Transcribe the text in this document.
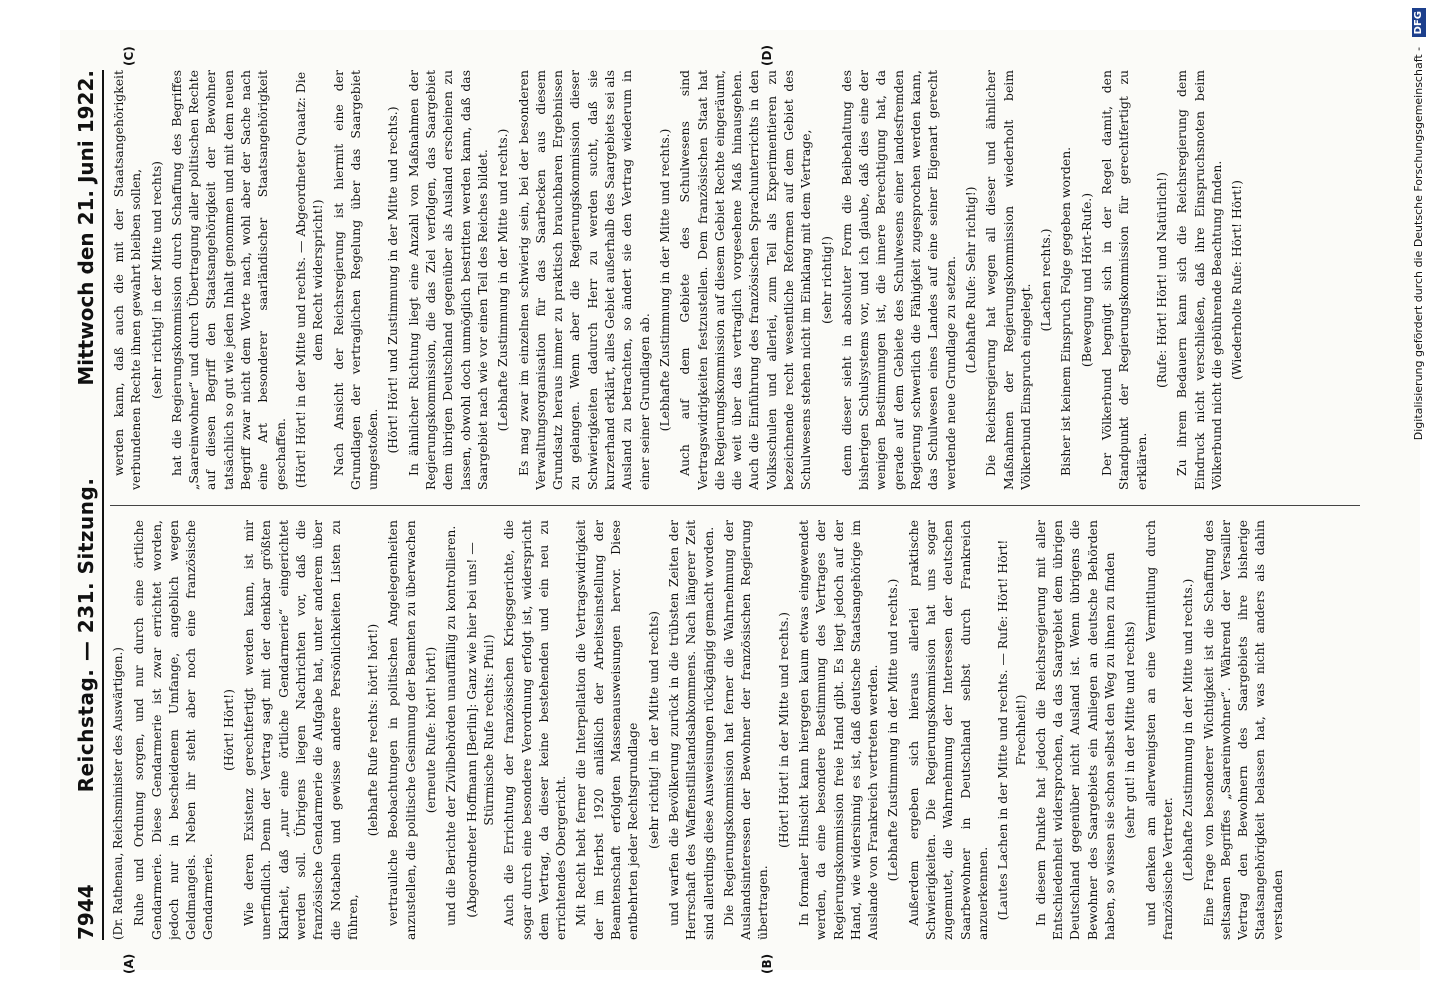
7944
Reichstag. — 231. Sitzung.
Mittwoch den 21. Juni 1922.
(A)	(B)
(C)	(D)

(Dr. Rathenau, Reichsminister des Auswärtigen.) Ruhe und Ordnung sorgen, und nur durch eine örtliche Gendarmerie. Diese Gendarmerie ist zwar errichtet worden, jedoch nur in bescheidenem Umfange, angeblich wegen Geldmangels. Neben ihr steht aber noch eine französische Gendarmerie.

(Hört! Hört!) Wie deren Existenz gerechtfertigt werden kann, ist mir unerfindlich. Denn der Vertrag sagt mit der denkbar größten Klarheit, daß „nur eine örtliche Gendarmerie“ eingerichtet werden soll. Übrigens liegen Nachrichten vor, daß die französische Gendarmerie die Aufgabe hat, unter anderem über die Notabeln und gewisse andere Persönlichkeiten Listen zu führen,

(lebhafte Rufe rechts: hört! hört!) vertrauliche Beobachtungen in politischen Angelegenheiten anzustellen, die politische Gesinnung der Beamten zu überwachen (erneute Rufe: hört! hört!) und die Berichte der Zivilbehörden unauffällig zu kontrollieren. (Abgeordneter Hoffmann [Berlin]: Ganz wie hier bei uns! — Stürmische Rufe rechts: Pfui!) Auch die Errichtung der französischen Kriegsgerichte, die sogar durch eine besondere Verordnung erfolgt ist, widerspricht dem Vertrag, da dieser keine bestehenden und ein neu zu errichtendes Obergericht. Mit Recht hebt ferner die Interpellation die Vertragswidrigkeit der im Herbst 1920 anläßlich der Arbeitseinstellung der Beamtenschaft erfolgten Massenausweisungen hervor. Diese entbehrten jeder Rechtsgrundlage (sehr richtig! in der Mitte und rechts) und warfen die Bevölkerung zurück in die trübsten Zeiten der Herrschaft des Waffenstillstandsabkommens. Nach längerer Zeit sind allerdings diese Ausweisungen rückgängig gemacht worden. Die Regierungskommission hat ferner die Wahrnehmung der Auslandsinteressen der Bewohner der französischen Regierung übertragen.

(Hört! Hört! in der Mitte und rechts.) In formaler Hinsicht kann hiergegen kaum etwas eingewendet werden, da eine besondere Bestimmung des Vertrages der Regierungskommission freie Hand gibt. Es liegt jedoch auf der Hand, wie widersinnig es ist, daß deutsche Staatsangehörige im Auslande von Frankreich vertreten werden. (Lebhafte Zustimmung in der Mitte und rechts.) Außerdem ergeben sich hieraus allerlei praktische Schwierigkeiten. Die Regierungskommission hat uns sogar zugemutet, die Wahrnehmung der Interessen der deutschen Saarbewohner in Deutschland selbst durch Frankreich anzuerkennen. (Lautes Lachen in der Mitte und rechts. — Rufe: Hört! Hört! Frechheit!) In diesem Punkte hat jedoch die Reichsregierung mit aller Entschiedenheit widersprochen, da das Saargebiet dem übrigen Deutschland gegenüber nicht Ausland ist. Wenn übrigens die Bewohner des Saargebiets ein Anliegen an deutsche Behörden haben, so wissen sie schon selbst den Weg zu ihnen zu finden (sehr gut! in der Mitte und rechts) und denken am allerwenigsten an eine Vermittlung durch französische Vertreter. (Lebhafte Zustimmung in der Mitte und rechts.) Eine Frage von besonderer Wichtigkeit ist die Schaffung des seltsamen Begriffes „Saareinwohner“. Während der Versailler Vertrag den Bewohnern des Saargebiets ihre bisherige Staatsangehörigkeit belassen hat, was nicht anders als dahin verstanden

werden kann, daß auch die mit der Staatsangehörigkeit verbundenen Rechte ihnen gewahrt bleiben sollen, (sehr richtig! in der Mitte und rechts) hat die Regierungskommission durch Schaffung des Begriffes „Saareinwohner“ und durch Übertragung aller politischen Rechte auf diesen Begriff den Staatsangehörigkeit der Bewohner tatsächlich so gut wie jeden Inhalt genommen und mit dem neuen Begriff zwar nicht dem Worte nach, wohl aber der Sache nach eine Art besonderer saarländischer Staatsangehörigkeit geschaffen. (Hört! Hört! in der Mitte und rechts. — Abgeordneter Quaatz: Die dem Recht widerspricht!) Nach Ansicht der Reichsregierung ist hiermit eine der Grundlagen der vertraglichen Regelung über das Saargebiet umgestoßen. (Hört! Hört! und Zustimmung in der Mitte und rechts.) In ähnlicher Richtung liegt eine Anzahl von Maßnahmen der Regierungskommission, die das Ziel verfolgen, das Saargebiet dem übrigen Deutschland gegenüber als Ausland erscheinen zu lassen, obwohl doch unmöglich bestritten werden kann, daß das Saargebiet nach wie vor einen Teil des Reiches bildet. (Lebhafte Zustimmung in der Mitte und rechts.) Es mag zwar im einzelnen schwierig sein, bei der besonderen Verwaltungsorganisation für das Saarbecken aus diesem Grundsatz heraus immer zu praktisch brauchbaren Ergebnissen zu gelangen. Wenn aber die Regierungskommission dieser Schwierigkeiten dadurch Herr zu werden sucht, daß sie kurzerhand erklärt, alles Gebiet außerhalb des Saargebiets sei als Ausland zu betrachten, so ändert sie den Vertrag wiederum in einer seiner Grundlagen ab. (Lebhafte Zustimmung in der Mitte und rechts.) Auch auf dem Gebiete des Schulwesens sind Vertragswidrigkeiten festzustellen. Dem französischen Staat hat die Regierungskommission auf diesem Gebiet Rechte eingeräumt, die weit über das vertraglich vorgesehene Maß hinausgehen. Auch die Einführung des französischen Sprachunterrichts in den Volksschulen und allerlei, zum Teil als Experimentieren zu bezeichnende recht wesentliche Reformen auf dem Gebiet des Schulwesens stehen nicht im Einklang mit dem Vertrage, (sehr richtig!) denn dieser sieht in absoluter Form die Beibehaltung des bisherigen Schulsystems vor, und ich glaube, daß dies eine der wenigen Bestimmungen ist, die innere Berechtigung hat, da gerade auf dem Gebiete des Schulwesens einer landesfremden Regierung schwerlich die Fähigkeit zugesprochen werden kann, das Schulwesen eines Landes auf eine seiner Eigenart gerecht werdende neue Grundlage zu setzen. (Lebhafte Rufe: Sehr richtig!) Die Reichsregierung hat wegen all dieser und ähnlicher Maßnahmen der Regierungskommission wiederholt beim Völkerbund Einspruch eingelegt.

(Lachen rechts.) Bisher ist keinem Einspruch Folge gegeben worden. (Bewegung und Hört-Rufe.) Der Völkerbund begnügt sich in der Regel damit, den Standpunkt der Regierungskommission für gerechtfertigt zu erklären.

(Rufe: Hört! Hört! und Natürlich!) Zu ihrem Bedauern kann sich die Reichsregierung dem Eindruck nicht verschließen, daß ihre Einspruchsnoten beim Völkerbund nicht die gebührende Beachtung finden. (Wiederholte Rufe: Hört! Hört!)	Digitalisierung gefördert durch die Deutsche Forschungsgemeinschaft - DFG
